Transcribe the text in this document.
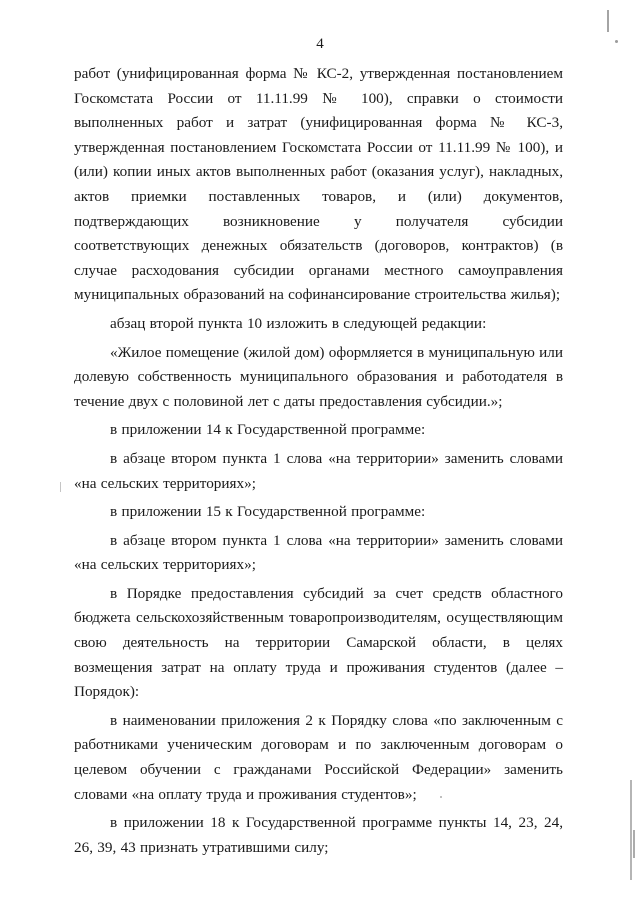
4

работ (унифицированная форма № КС-2, утвержденная постановлением Госкомстата России от 11.11.99 № 100), справки о стоимости выполненных работ и затрат (унифицированная форма № КС-3, утвержденная постановлением Госкомстата России от 11.11.99 № 100), и (или) копии иных актов выполненных работ (оказания услуг), накладных, актов приемки поставленных товаров, и (или) документов, подтверждающих возникновение у получателя субсидии соответствующих денежных обязательств (договоров, контрактов) (в случае расходования субсидии органами местного самоуправления муниципальных образований на софинансирование строительства жилья);

абзац второй пункта 10 изложить в следующей редакции:

«Жилое помещение (жилой дом) оформляется в муниципальную или долевую собственность муниципального образования и работодателя в течение двух с половиной лет с даты предоставления субсидии.»;

в приложении 14 к Государственной программе:

в абзаце втором пункта 1 слова «на территории» заменить словами «на сельских территориях»;

в приложении 15 к Государственной программе:

в абзаце втором пункта 1 слова «на территории» заменить словами «на сельских территориях»;

в Порядке предоставления субсидий за счет средств областного бюджета сельскохозяйственным товаропроизводителям, осуществляющим свою деятельность на территории Самарской области, в целях возмещения затрат на оплату труда и проживания студентов (далее – Порядок):

в наименовании приложения 2 к Порядку слова «по заключенным с работниками ученическим договорам и по заключенным договорам о целевом обучении с гражданами Российской Федерации» заменить словами «на оплату труда и проживания студентов»;

в приложении 18 к Государственной программе пункты 14, 23, 24, 26, 39, 43 признать утратившими силу;
